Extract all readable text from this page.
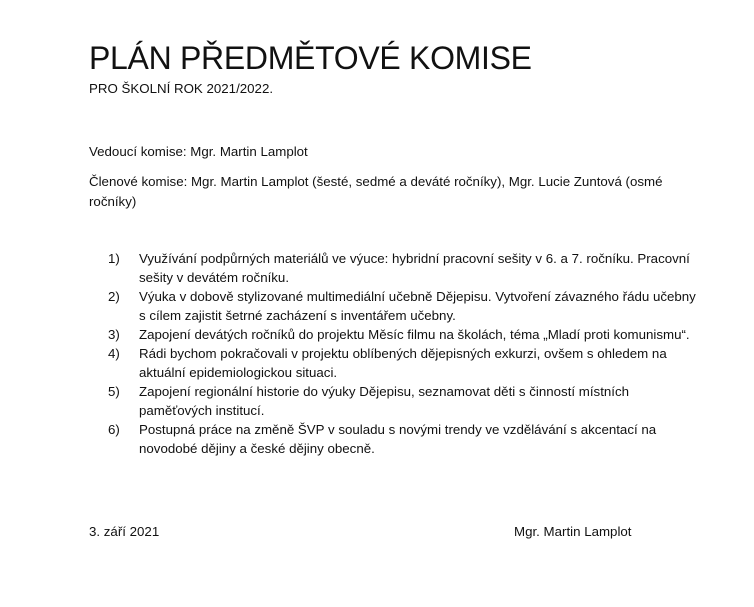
PLÁN PŘEDMĚTOVÉ KOMISE
PRO ŠKOLNÍ ROK 2021/2022.
Vedoucí komise: Mgr. Martin Lamplot
Členové komise: Mgr. Martin Lamplot (šesté, sedmé a deváté ročníky), Mgr. Lucie Zuntová (osmé ročníky)
1)	Využívání podpůrných materiálů ve výuce: hybridní pracovní sešity v 6. a 7. ročníku. Pracovní sešity v devátém ročníku.
2)	Výuka v dobově stylizované multimediální učebně Dějepisu. Vytvoření závazného řádu učebny s cílem zajistit šetrné zacházení s inventářem učebny.
3)	Zapojení devátých ročníků do projektu Měsíc filmu na školách, téma „Mladí proti komunismu“.
4)	Rádi bychom pokračovali v projektu oblíbených dějepisných exkurzi, ovšem s ohledem na aktuální epidemiologickou situaci.
5)	Zapojení regionální historie do výuky Dějepisu, seznamovat děti s činností místních paměťových institucí.
6)	Postupná práce na změně ŠVP v souladu s novými trendy ve vzdělávání s akcentací na novodobé dějiny a české dějiny obecně.
3. září 2021	Mgr. Martin Lamplot
